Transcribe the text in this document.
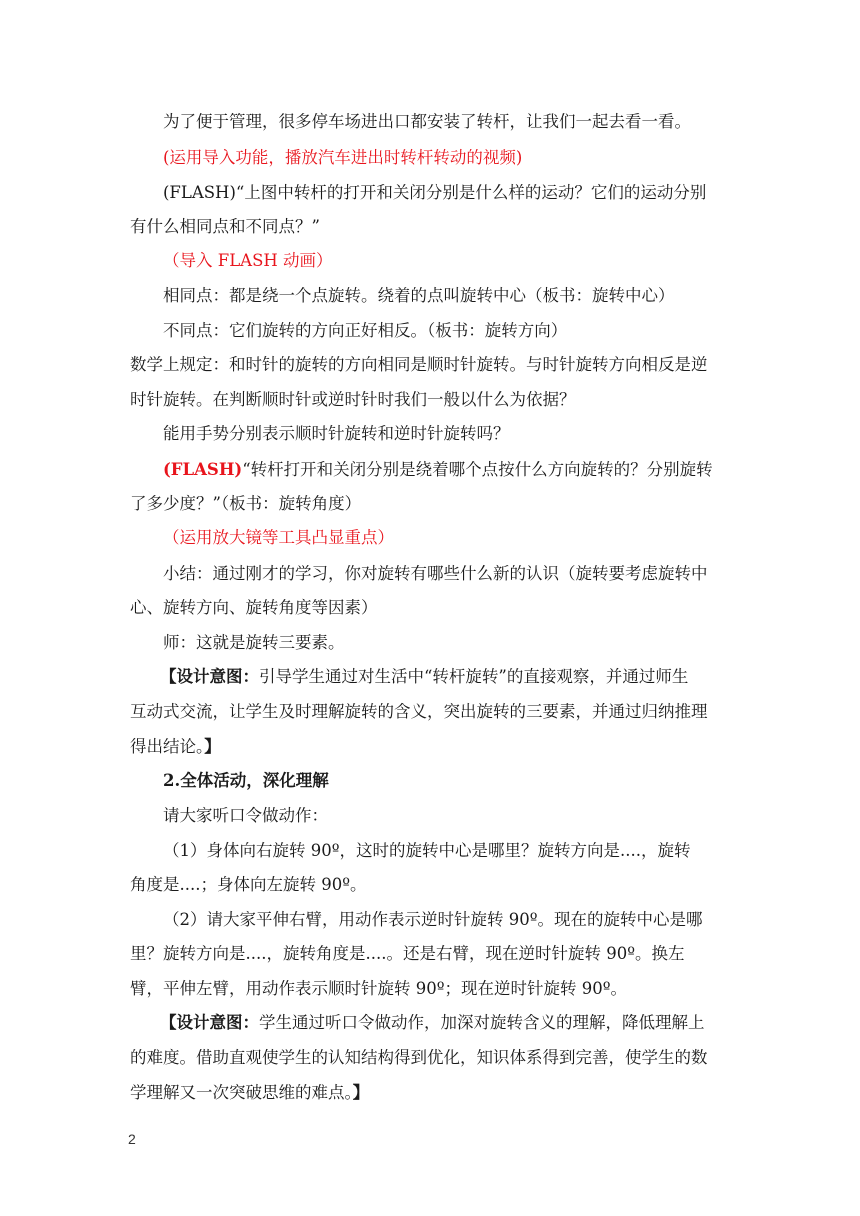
为了便于管理，很多停车场进出口都安装了转杆，让我们一起去看一看。
(运用导入功能，播放汽车进出时转杆转动的视频)
(FLASH)“上图中转杆的打开和关闭分别是什么样的运动？它们的运动分别
有什么相同点和不同点？”
（导入 FLASH 动画）
相同点：都是绕一个点旋转。绕着的点叫旋转中心（板书：旋转中心）
不同点：它们旋转的方向正好相反。（板书：旋转方向）
数学上规定：和时针的旋转的方向相同是顺时针旋转。与时针旋转方向相反是逆
时针旋转。在判断顺时针或逆时针时我们一般以什么为依据？
能用手势分别表示顺时针旋转和逆时针旋转吗？
(FLASH)“转杆打开和关闭分别是绕着哪个点按什么方向旋转的？分别旋转
了多少度？”（板书：旋转角度）
（运用放大镜等工具凸显重点）
小结：通过刚才的学习，你对旋转有哪些什么新的认识（旋转要考虑旋转中
心、旋转方向、旋转角度等因素）
师：这就是旋转三要素。
【设计意图：引导学生通过对生活中“转杆旋转”的直接观察，并通过师生
互动式交流，让学生及时理解旋转的含义，突出旋转的三要素，并通过归纳推理
得出结论。】
2.全体活动，深化理解
请大家听口令做动作：
（1）身体向右旋转 90º，这时的旋转中心是哪里？旋转方向是....，旋转
角度是....；身体向左旋转 90º。
（2）请大家平伸右臂，用动作表示逆时针旋转 90º。现在的旋转中心是哪
里？旋转方向是....，旋转角度是....。还是右臂，现在逆时针旋转 90º。换左
臂，平伸左臂，用动作表示顺时针旋转 90º；现在逆时针旋转 90º。
【设计意图：学生通过听口令做动作，加深对旋转含义的理解，降低理解上
的难度。借助直观使学生的认知结构得到优化，知识体系得到完善，使学生的数
学理解又一次突破思维的难点。】
2
